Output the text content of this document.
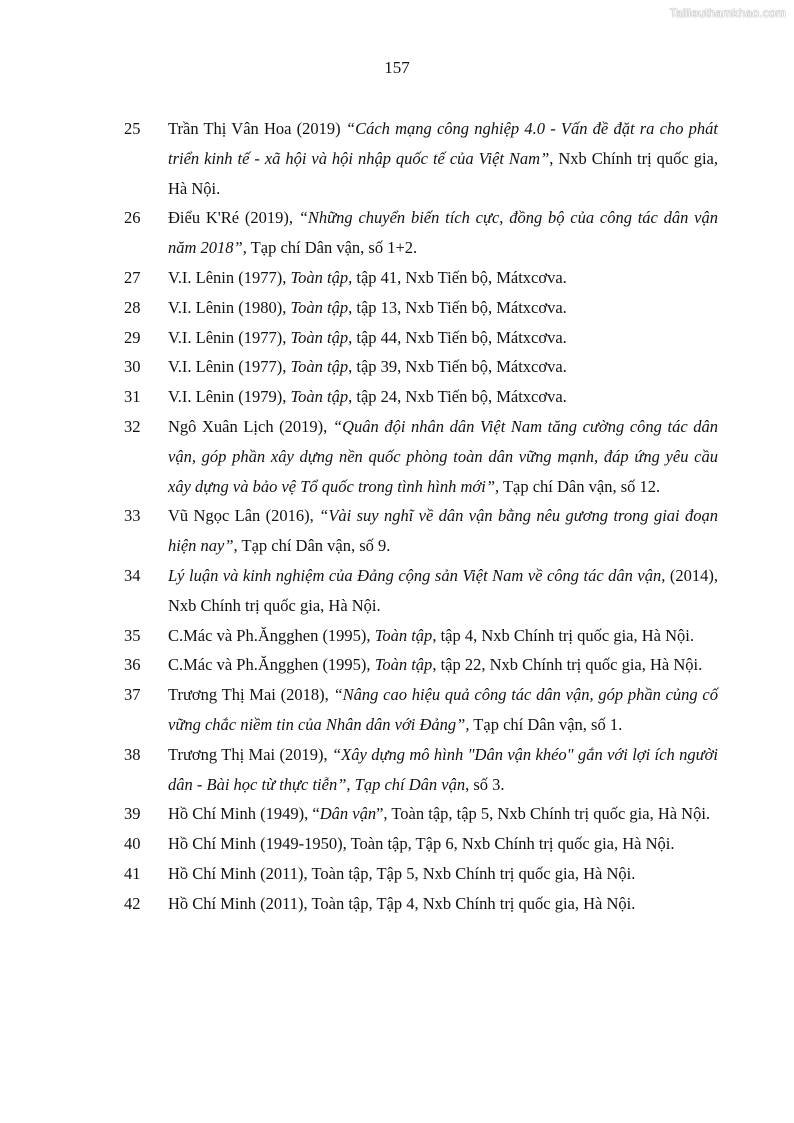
Tailieuthamkhao.com
157
25	Trần Thị Vân Hoa (2019) “Cách mạng công nghiệp 4.0 - Vấn đề đặt ra cho phát triển kinh tế - xã hội và hội nhập quốc tế của Việt Nam”, Nxb Chính trị quốc gia, Hà Nội.
26	Điểu K'Ré (2019), “Những chuyển biến tích cực, đồng bộ của công tác dân vận năm 2018”, Tạp chí Dân vận, số 1+2.
27	V.I. Lênin (1977), Toàn tập, tập 41, Nxb Tiến bộ, Mátxcơva.
28	V.I. Lênin (1980), Toàn tập, tập 13, Nxb Tiến bộ, Mátxcơva.
29	V.I. Lênin (1977), Toàn tập, tập 44, Nxb Tiến bộ, Mátxcơva.
30	V.I. Lênin (1977), Toàn tập, tập 39, Nxb Tiến bộ, Mátxcơva.
31	V.I. Lênin (1979), Toàn tập, tập 24, Nxb Tiến bộ, Mátxcơva.
32	Ngô Xuân Lịch (2019), “Quân đội nhân dân Việt Nam tăng cường công tác dân vận, góp phần xây dựng nền quốc phòng toàn dân vững mạnh, đáp ứng yêu cầu xây dựng và bảo vệ Tổ quốc trong tình hình mới”, Tạp chí Dân vận, số 12.
33	Vũ Ngọc Lân (2016), “Vài suy nghĩ về dân vận bằng nêu gương trong giai đoạn hiện nay”, Tạp chí Dân vận, số 9.
34	Lý luận và kinh nghiệm của Đảng cộng sản Việt Nam về công tác dân vận, (2014), Nxb Chính trị quốc gia, Hà Nội.
35	C.Mác và Ph.Ăngghen (1995), Toàn tập, tập 4, Nxb Chính trị quốc gia, Hà Nội.
36	C.Mác và Ph.Ăngghen (1995), Toàn tập, tập 22, Nxb Chính trị quốc gia, Hà Nội.
37	Trương Thị Mai (2018), “Nâng cao hiệu quả công tác dân vận, góp phần củng cố vững chắc niềm tin của Nhân dân với Đảng”, Tạp chí Dân vận, số 1.
38	Trương Thị Mai (2019), “Xây dựng mô hình "Dân vận khéo" gắn với lợi ích người dân - Bài học từ thực tiễn”, Tạp chí Dân vận, số 3.
39	Hồ Chí Minh (1949), “Dân vận”, Toàn tập, tập 5, Nxb Chính trị quốc gia, Hà Nội.
40	Hồ Chí Minh (1949-1950), Toàn tập, Tập 6, Nxb Chính trị quốc gia, Hà Nội.
41	Hồ Chí Minh (2011), Toàn tập, Tập 5, Nxb Chính trị quốc gia, Hà Nội.
42	Hồ Chí Minh (2011), Toàn tập, Tập 4, Nxb Chính trị quốc gia, Hà Nội.
